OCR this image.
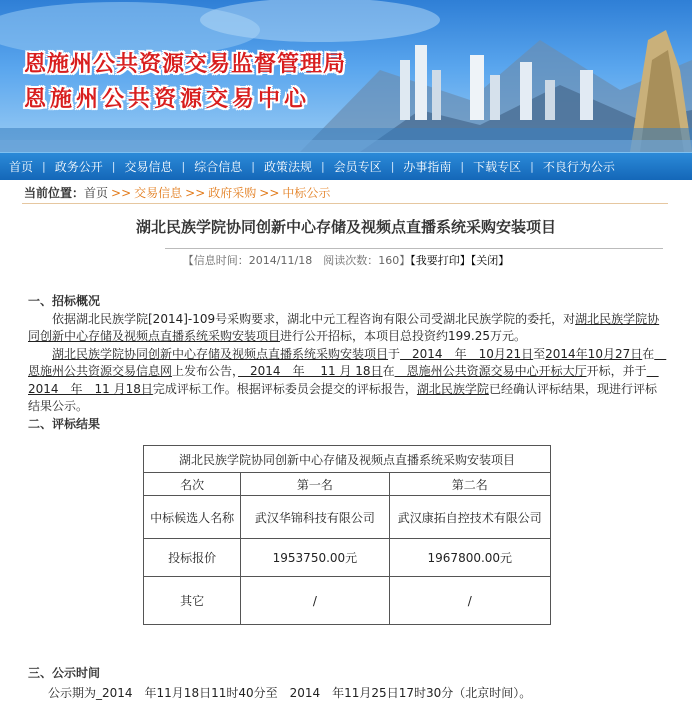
恩施州公共资源交易监督管理局
恩施州公共资源交易中心
首页 | 政务公开 | 交易信息 | 综合信息 | 政策法规 | 会员专区 | 办事指南 | 下载专区 | 不良行为公示
当前位置：首页 >> 交易信息 >> 政府采购 >> 中标公示
湖北民族学院协同创新中心存储及视频点直播系统采购安装项目
【信息时间：2014/11/18　阅读次数：160】【我要打印】【关闭】
一、招标概况
依据湖北民族学院[2014]-109号采购要求，湖北中元工程咨询有限公司受湖北民族学院的委托，对湖北民族学院协同创新中心存储及视频点直播系统采购安装项目进行公开招标，本项目总投资约199.25万元。
湖北民族学院协同创新中心存储及视频点直播系统采购安装项目于　2014　年　10月21日至2014年10月27日在　恩施州公共资源交易信息网上发布公告，　2014　年　 11 月 18日在　恩施州公共资源交易中心开标大厅开标，并于　2014　年　11 月18日完成评标工作。根据评标委员会提交的评标报告，湖北民族学院已经确认评标结果，现进行评标结果公示。
二、评标结果
湖北民族学院协同创新中心存储及视频点直播系统采购安装项目		
名次	第一名	第二名
中标候选人名称	武汉华锦科技有限公司	武汉康拓自控技术有限公司
投标报价	1953750.00元	1967800.00元
其它	/	/
三、公示时间
公示期为_2014　年11月18日11时40分至　2014　年11月25日17时30分（北京时间）。
